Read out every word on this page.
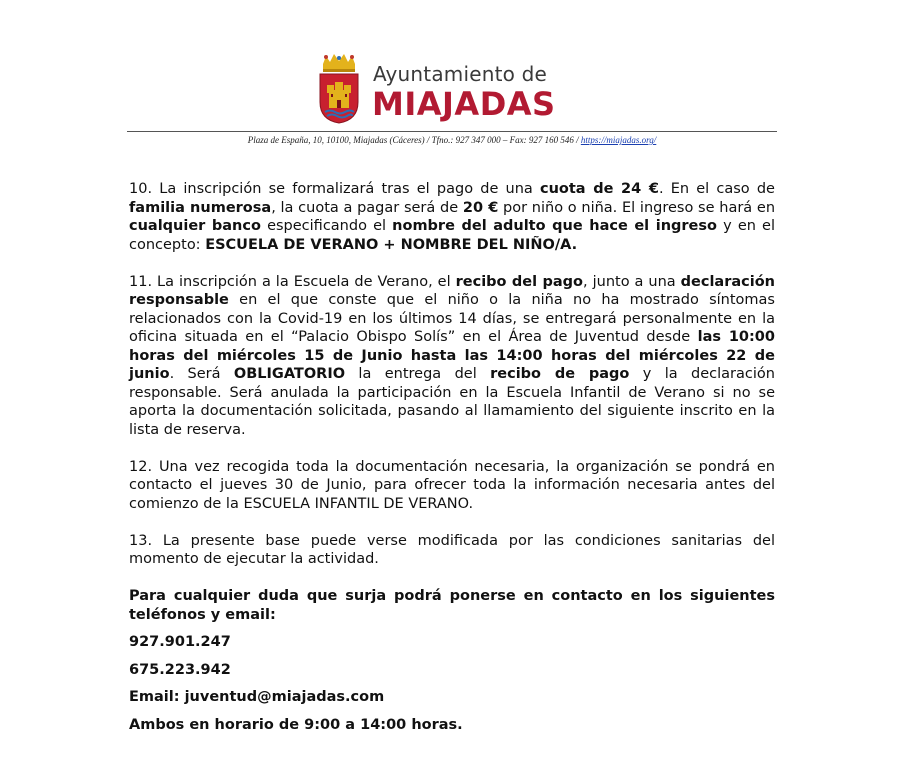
Ayuntamiento de
MIAJADAS
Plaza de España, 10, 10100, Miajadas (Cáceres) / Tfno.: 927 347 000 – Fax: 927 160 546 / https://miajadas.org/

10. La inscripción se formalizará tras el pago de una cuota de 24 €. En el caso de familia numerosa, la cuota a pagar será de 20 € por niño o niña. El ingreso se hará en cualquier banco especificando el nombre del adulto que hace el ingreso y en el concepto: ESCUELA DE VERANO + NOMBRE DEL NIÑO/A.

11. La inscripción a la Escuela de Verano, el recibo del pago, junto a una declaración responsable en el que conste que el niño o la niña no ha mostrado síntomas relacionados con la Covid-19 en los últimos 14 días, se entregará personalmente en la oficina situada en el “Palacio Obispo Solís” en el Área de Juventud desde las 10:00 horas del miércoles 15 de Junio hasta las 14:00 horas del miércoles 22 de junio. Será OBLIGATORIO la entrega del recibo de pago y la declaración responsable. Será anulada la participación en la Escuela Infantil de Verano si no se aporta la documentación solicitada, pasando al llamamiento del siguiente inscrito en la lista de reserva.

12. Una vez recogida toda la documentación necesaria, la organización se pondrá en contacto el jueves 30 de Junio, para ofrecer toda la información necesaria antes del comienzo de la ESCUELA INFANTIL DE VERANO.

13. La presente base puede verse modificada por las condiciones sanitarias del momento de ejecutar la actividad.

Para cualquier duda que surja podrá ponerse en contacto en los siguientes teléfonos y email:

927.901.247

675.223.942

Email: juventud@miajadas.com

Ambos en horario de 9:00 a 14:00 horas.
